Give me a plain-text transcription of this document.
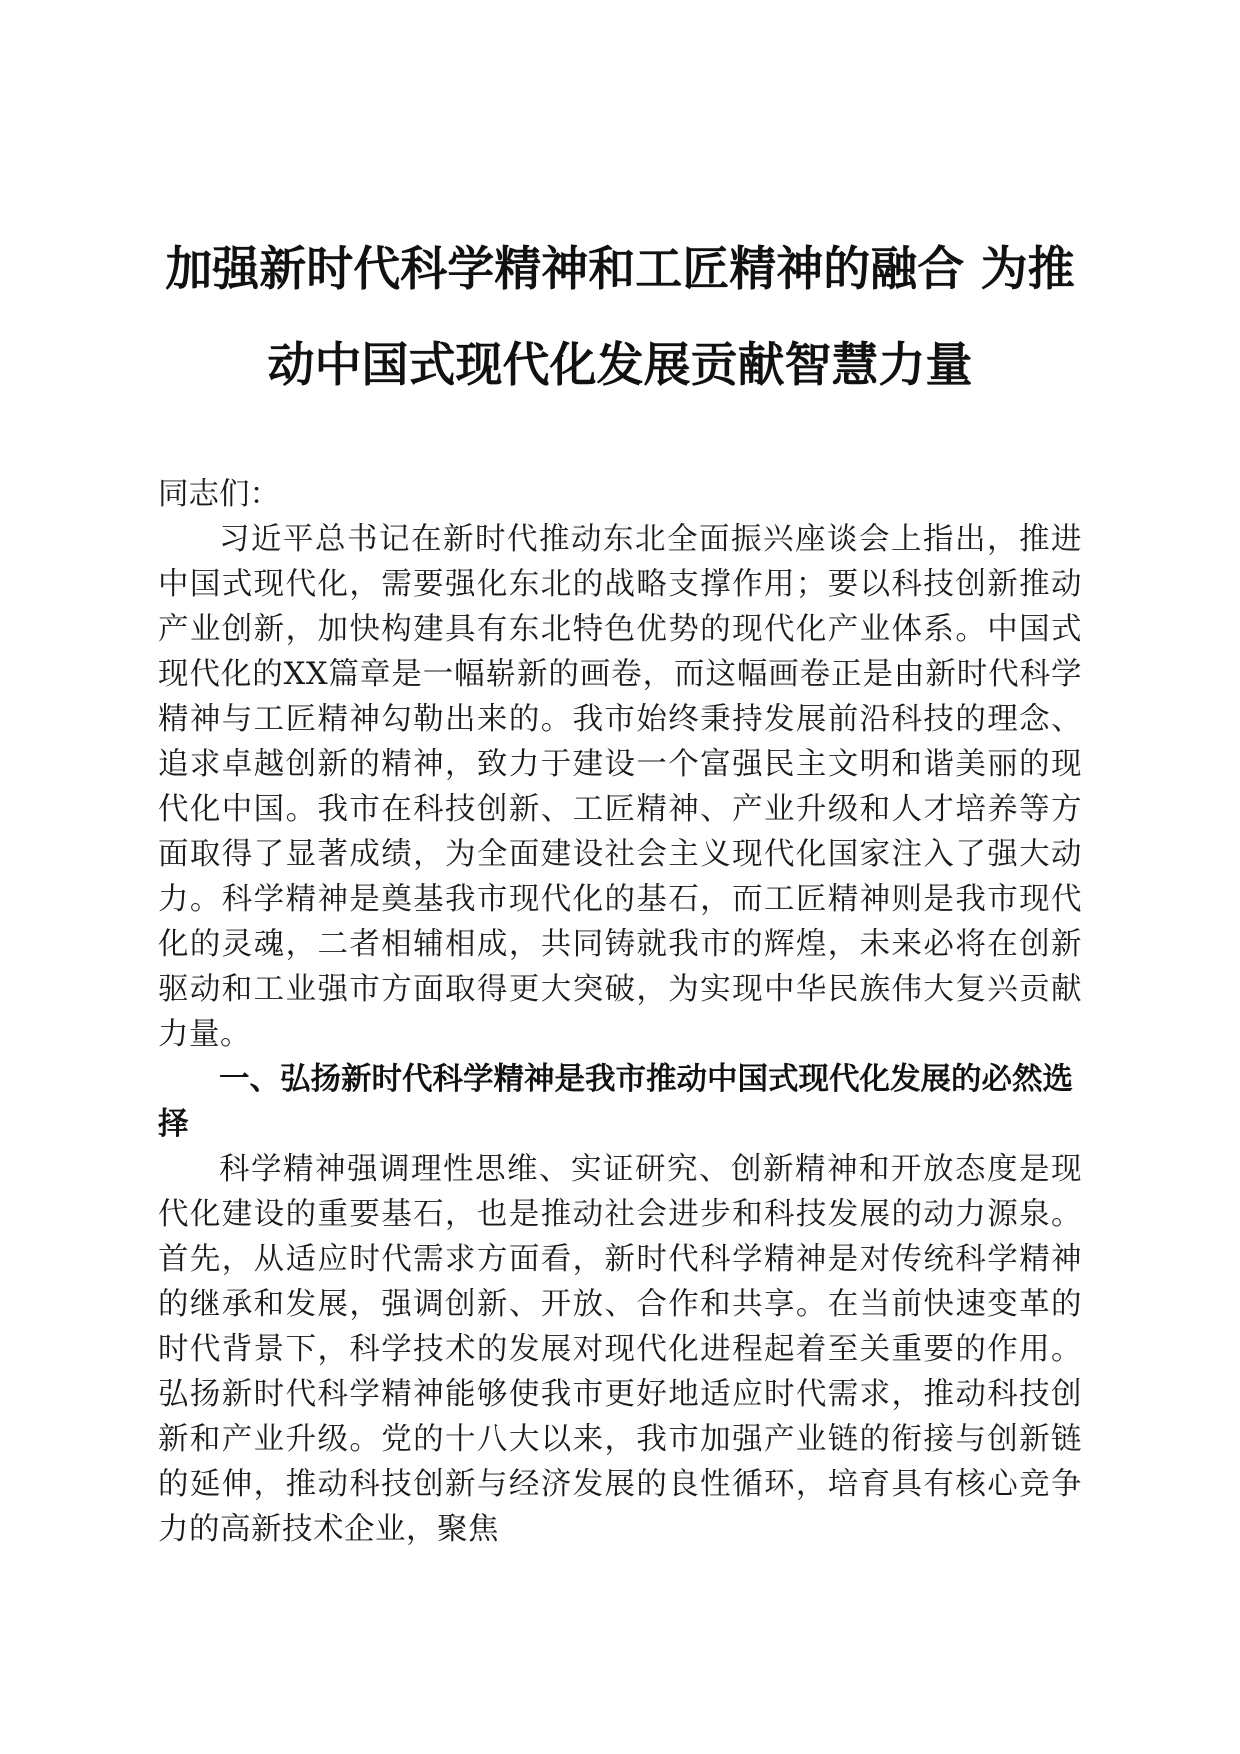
加强新时代科学精神和工匠精神的融合 为推
动中国式现代化发展贡献智慧力量

同志们：

习近平总书记在新时代推动东北全面振兴座谈会上指出，推进中国式现代化，需要强化东北的战略支撑作用；要以科技创新推动产业创新，加快构建具有东北特色优势的现代化产业体系。中国式现代化的XX篇章是一幅崭新的画卷，而这幅画卷正是由新时代科学精神与工匠精神勾勒出来的。我市始终秉持发展前沿科技的理念、追求卓越创新的精神，致力于建设一个富强民主文明和谐美丽的现代化中国。我市在科技创新、工匠精神、产业升级和人才培养等方面取得了显著成绩，为全面建设社会主义现代化国家注入了强大动力。科学精神是奠基我市现代化的基石，而工匠精神则是我市现代化的灵魂，二者相辅相成，共同铸就我市的辉煌，未来必将在创新驱动和工业强市方面取得更大突破，为实现中华民族伟大复兴贡献力量。

一、弘扬新时代科学精神是我市推动中国式现代化发展的必然选择

科学精神强调理性思维、实证研究、创新精神和开放态度是现代化建设的重要基石，也是推动社会进步和科技发展的动力源泉。首先，从适应时代需求方面看，新时代科学精神是对传统科学精神的继承和发展，强调创新、开放、合作和共享。在当前快速变革的时代背景下，科学技术的发展对现代化进程起着至关重要的作用。弘扬新时代科学精神能够使我市更好地适应时代需求，推动科技创新和产业升级。党的十八大以来，我市加强产业链的衔接与创新链的延伸，推动科技创新与经济发展的良性循环，培育具有核心竞争力的高新技术企业，聚焦
